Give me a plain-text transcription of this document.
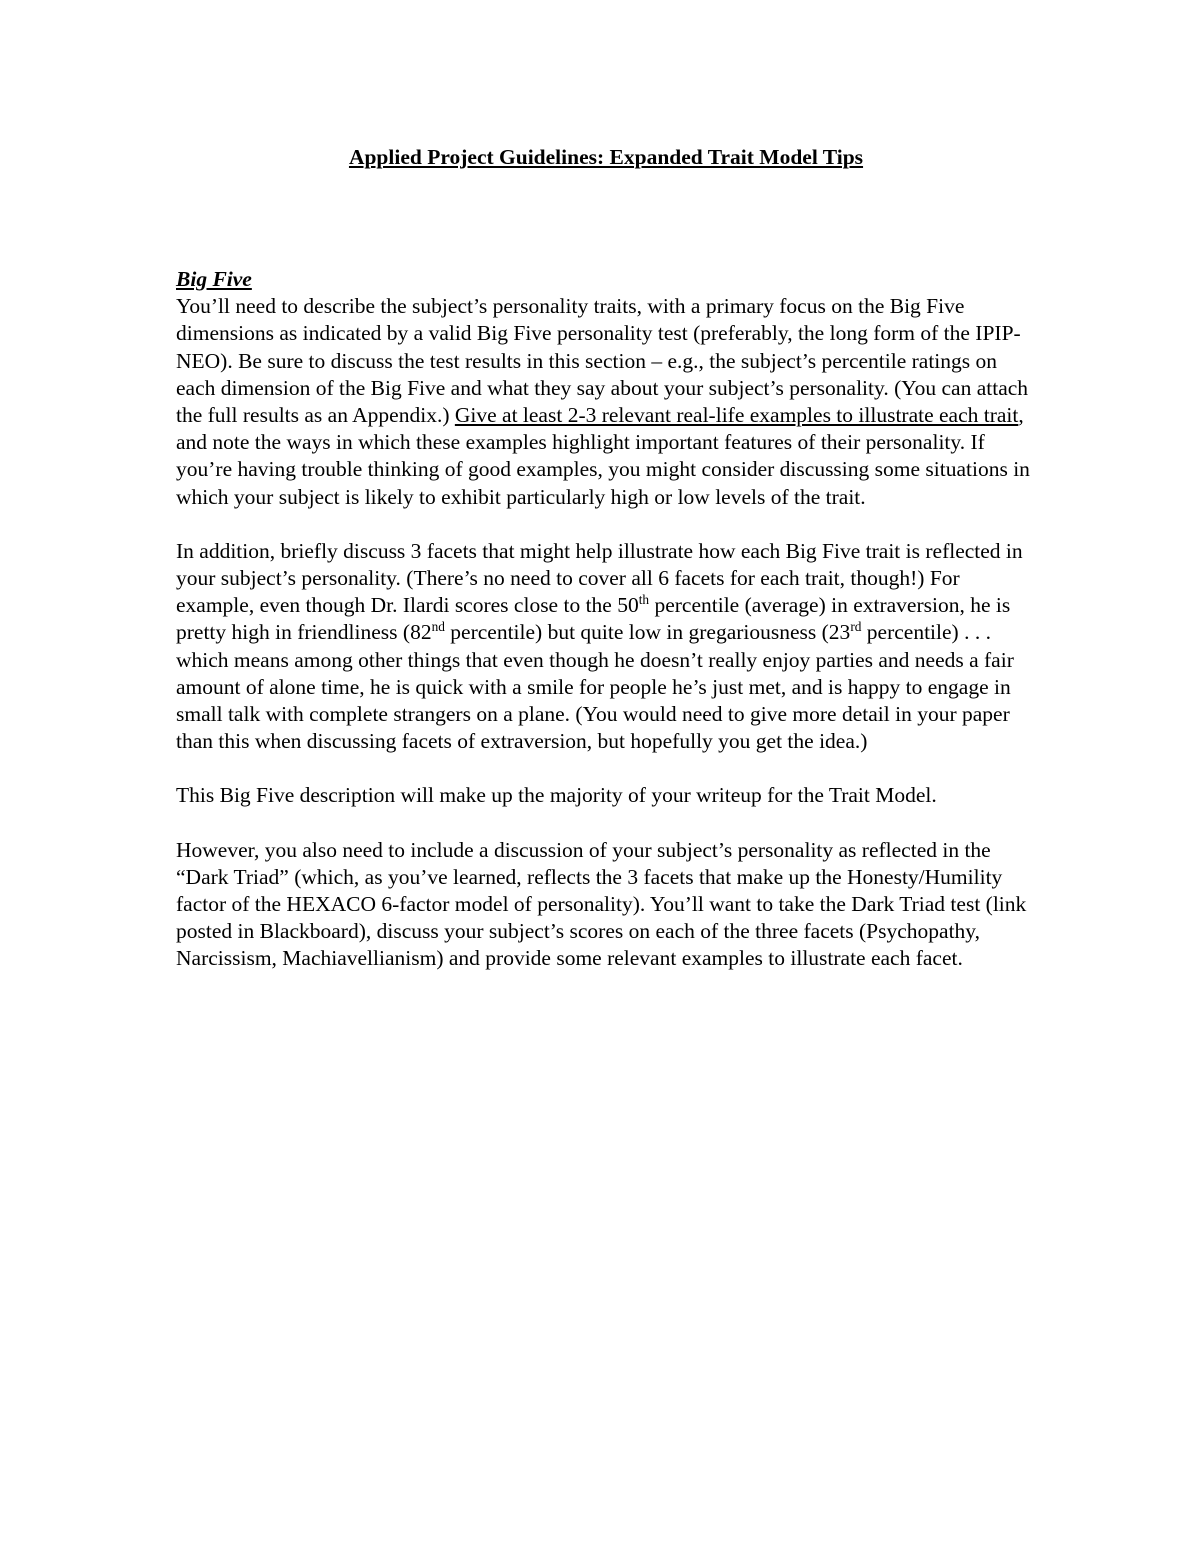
Applied Project Guidelines: Expanded Trait Model Tips

Big Five
You’ll need to describe the subject’s personality traits, with a primary focus on the Big Five dimensions as indicated by a valid Big Five personality test (preferably, the long form of the IPIP-NEO). Be sure to discuss the test results in this section – e.g., the subject’s percentile ratings on each dimension of the Big Five and what they say about your subject’s personality. (You can attach the full results as an Appendix.) Give at least 2-3 relevant real-life examples to illustrate each trait, and note the ways in which these examples highlight important features of their personality. If you’re having trouble thinking of good examples, you might consider discussing some situations in which your subject is likely to exhibit particularly high or low levels of the trait.

In addition, briefly discuss 3 facets that might help illustrate how each Big Five trait is reflected in your subject’s personality. (There’s no need to cover all 6 facets for each trait, though!) For example, even though Dr. Ilardi scores close to the 50th percentile (average) in extraversion, he is pretty high in friendliness (82nd percentile) but quite low in gregariousness (23rd percentile) . . . which means among other things that even though he doesn’t really enjoy parties and needs a fair amount of alone time, he is quick with a smile for people he’s just met, and is happy to engage in small talk with complete strangers on a plane. (You would need to give more detail in your paper than this when discussing facets of extraversion, but hopefully you get the idea.)

This Big Five description will make up the majority of your writeup for the Trait Model.

However, you also need to include a discussion of your subject’s personality as reflected in the “Dark Triad” (which, as you’ve learned, reflects the 3 facets that make up the Honesty/Humility factor of the HEXACO 6-factor model of personality). You’ll want to take the Dark Triad test (link posted in Blackboard), discuss your subject’s scores on each of the three facets (Psychopathy, Narcissism, Machiavellianism) and provide some relevant examples to illustrate each facet.
